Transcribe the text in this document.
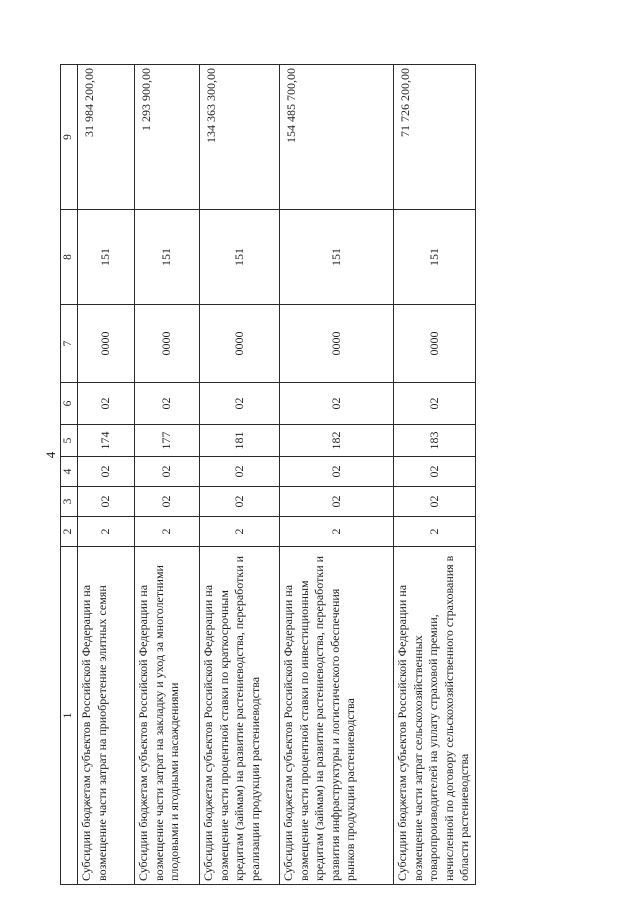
4
1	2	3	4	5	6	7	8	9
Субсидии бюджетам субъектов Российской Федерации на возмещение части затрат на приобретение элитных семян	2	02	02	174	02	0000	151	31 984 200,00
Субсидии бюджетам субъектов Российской Федерации на возмещение части затрат на закладку и уход за многолетними плодовыми и ягодными насаждениями	2	02	02	177	02	0000	151	1 293 900,00
Субсидии бюджетам субъектов Российской Федерации на возмещение части процентной ставки по краткосрочным кредитам (займам) на развитие растениеводства, переработки и реализации продукции растениеводства	2	02	02	181	02	0000	151	134 363 300,00
Субсидии бюджетам субъектов Российской Федерации на возмещение части процентной ставки по инвестиционным кредитам (займам) на развитие растениеводства, переработки и развития инфраструктуры и логистического обеспечения рынков продукции растениеводства	2	02	02	182	02	0000	151	154 485 700,00
Субсидии бюджетам субъектов Российской Федерации на возмещение части затрат сельскохозяйственных товаропроизводителей на уплату страховой премии, начисленной по договору сельскохозяйственного страхования в области растениеводства	2	02	02	183	02	0000	151	71 726 200,00
